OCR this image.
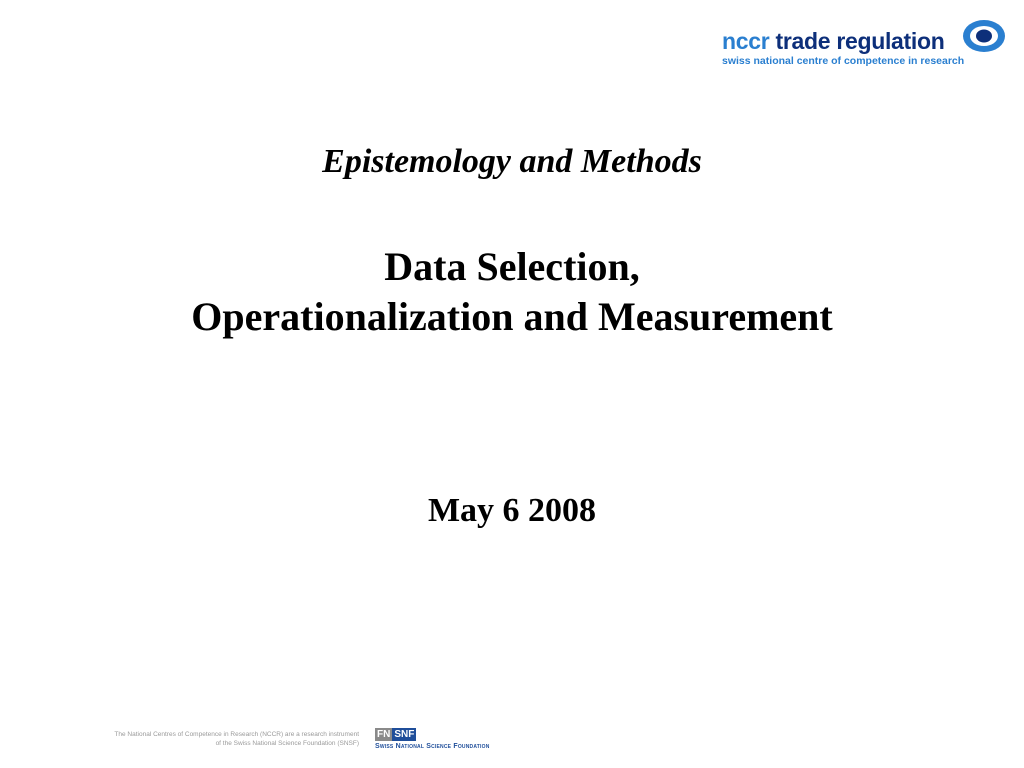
nccr trade regulation
swiss national centre of competence in research
Epistemology and Methods
Data Selection,
Operationalization and Measurement
May 6 2008
The National Centres of Competence in Research (NCCR) are a research instrument
of the Swiss National Science Foundation (SNSF)
FN SNF
Swiss National Science Foundation
